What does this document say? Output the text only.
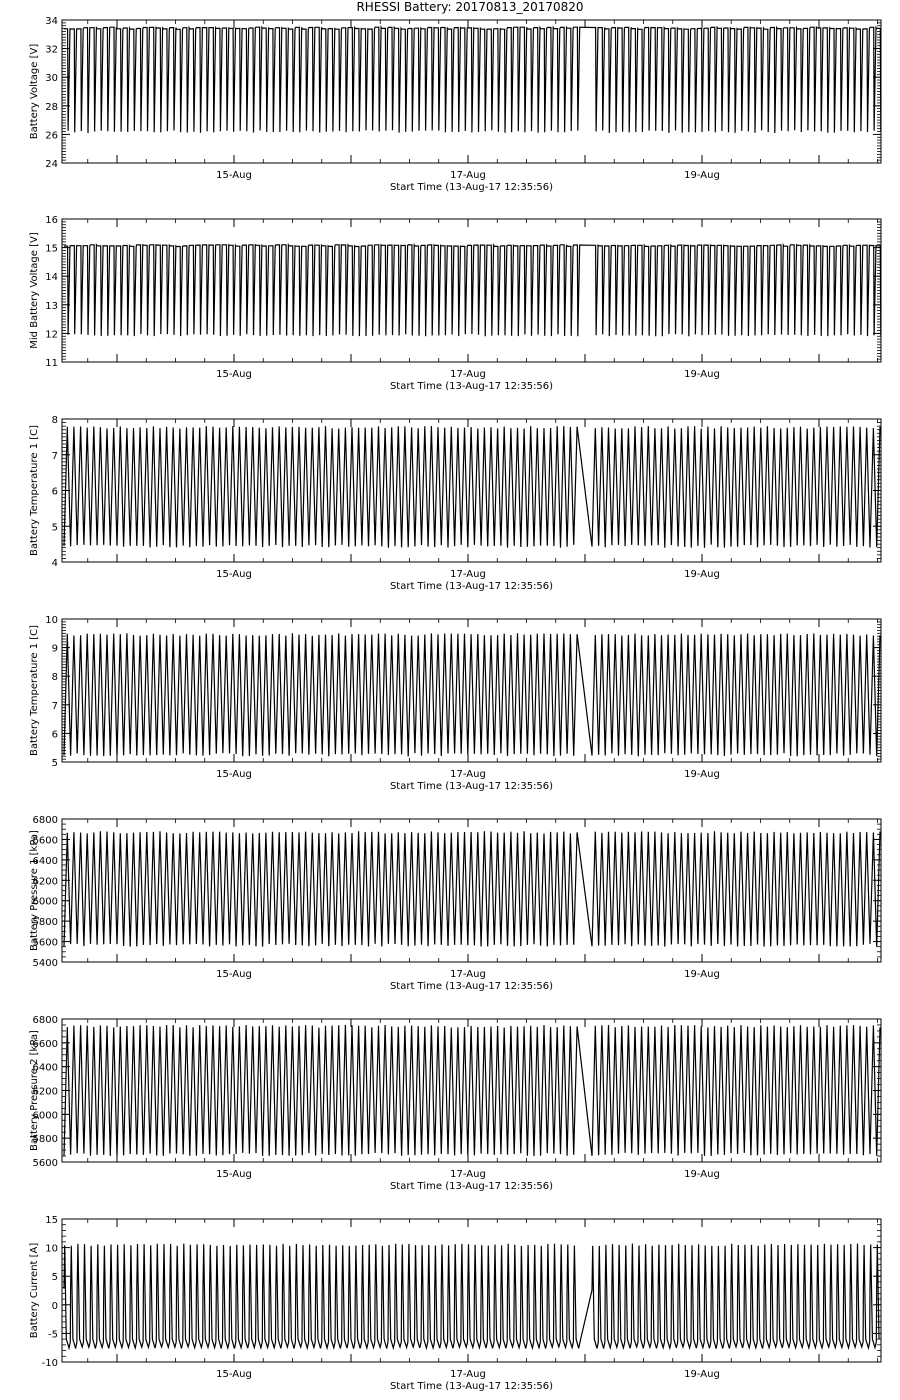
RHESSI Battery: 20170813_20170820
24
26
28
30
32
34
15-Aug	17-Aug	19-Aug
Start Time (13-Aug-17 12:35:56)
Battery Voltage [V]
11
12
13
14
15
16
15-Aug	17-Aug	19-Aug
Start Time (13-Aug-17 12:35:56)
Mid Battery Voltage [V]
4
5
6
7
8
15-Aug	17-Aug	19-Aug
Start Time (13-Aug-17 12:35:56)
Battery Temperature 1 [C]
5
6
7
8
9
10
15-Aug	17-Aug	19-Aug
Start Time (13-Aug-17 12:35:56)
Battery Temperature 1 [C]
5400
5600
5800
6000
6200
6400
6600
6800
15-Aug	17-Aug	19-Aug
Start Time (13-Aug-17 12:35:56)
Battery Pressure 1 [kPa]
5600
5800
6000
6200
6400
6600
6800
15-Aug	17-Aug	19-Aug
Start Time (13-Aug-17 12:35:56)
Battery Pressure 2 [kPa]
-10
-5
0
5
10
15
15-Aug	17-Aug	19-Aug
Start Time (13-Aug-17 12:35:56)
Battery Current [A]
